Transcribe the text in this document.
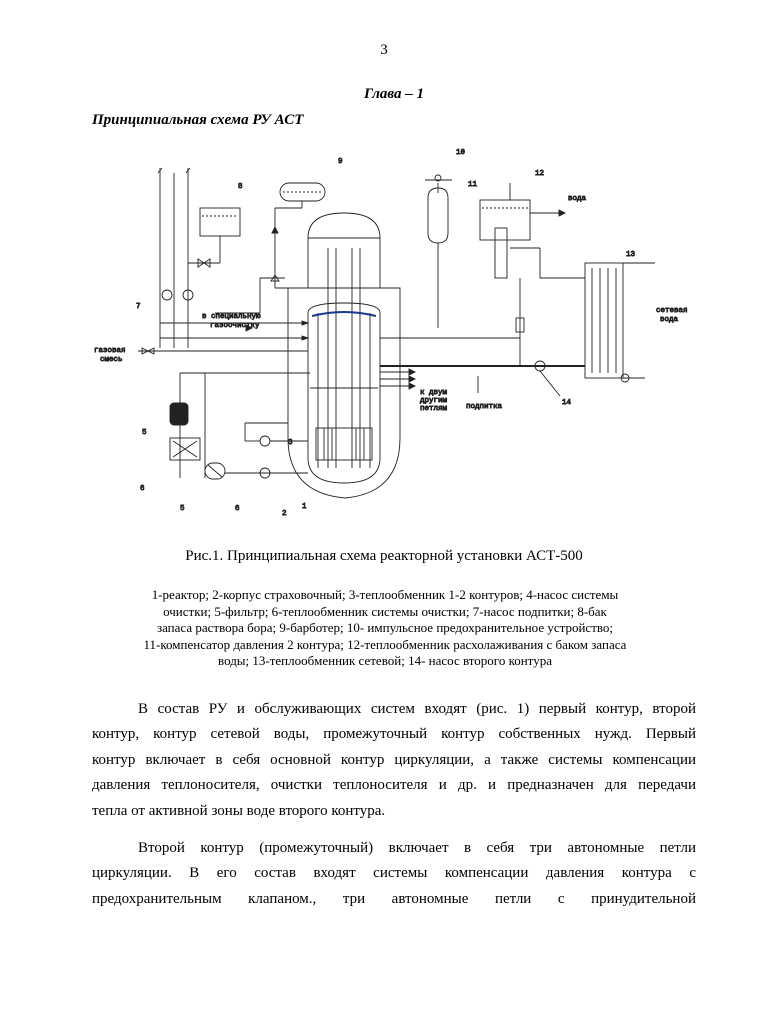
3
Глава – 1
Принципиальная схема РУ АСТ
9
8
10
11
12
13
14
7
5
6
5	6
3
2
1
в специальную
газоочистку
газовая
смесь
вода
сетевая
вода
к двум
другим
петлям	подпитка
Рис.1. Принципиальная схема реакторной установки АСТ-500
1-реактор; 2-корпус страховочный; 3-теплообменник 1-2 контуров; 4-насос системы
очистки; 5-фильтр; 6-теплообменник системы очистки; 7-насос подпитки; 8-бак
запаса раствора бора; 9-барботер; 10- импульсное предохранительное устройство;
11-компенсатор давления 2 контура; 12-теплообменник расхолаживания с баком запаса
воды; 13-теплообменник сетевой; 14- насос второго контура
В состав РУ и обслуживающих систем входят (рис. 1) первый контур, второй
контур, контур сетевой воды, промежуточный контур собственных нужд. Первый
контур включает в себя основной контур циркуляции, а также системы компенсации
давления теплоносителя, очистки теплоносителя и др. и предназначен для передачи
тепла от активной зоны воде второго контура.
Второй контур (промежуточный) включает в себя три автономные петли
циркуляции. В его состав входят системы компенсации давления контура с
предохранительным клапаном., три автономные петли с принудительной
